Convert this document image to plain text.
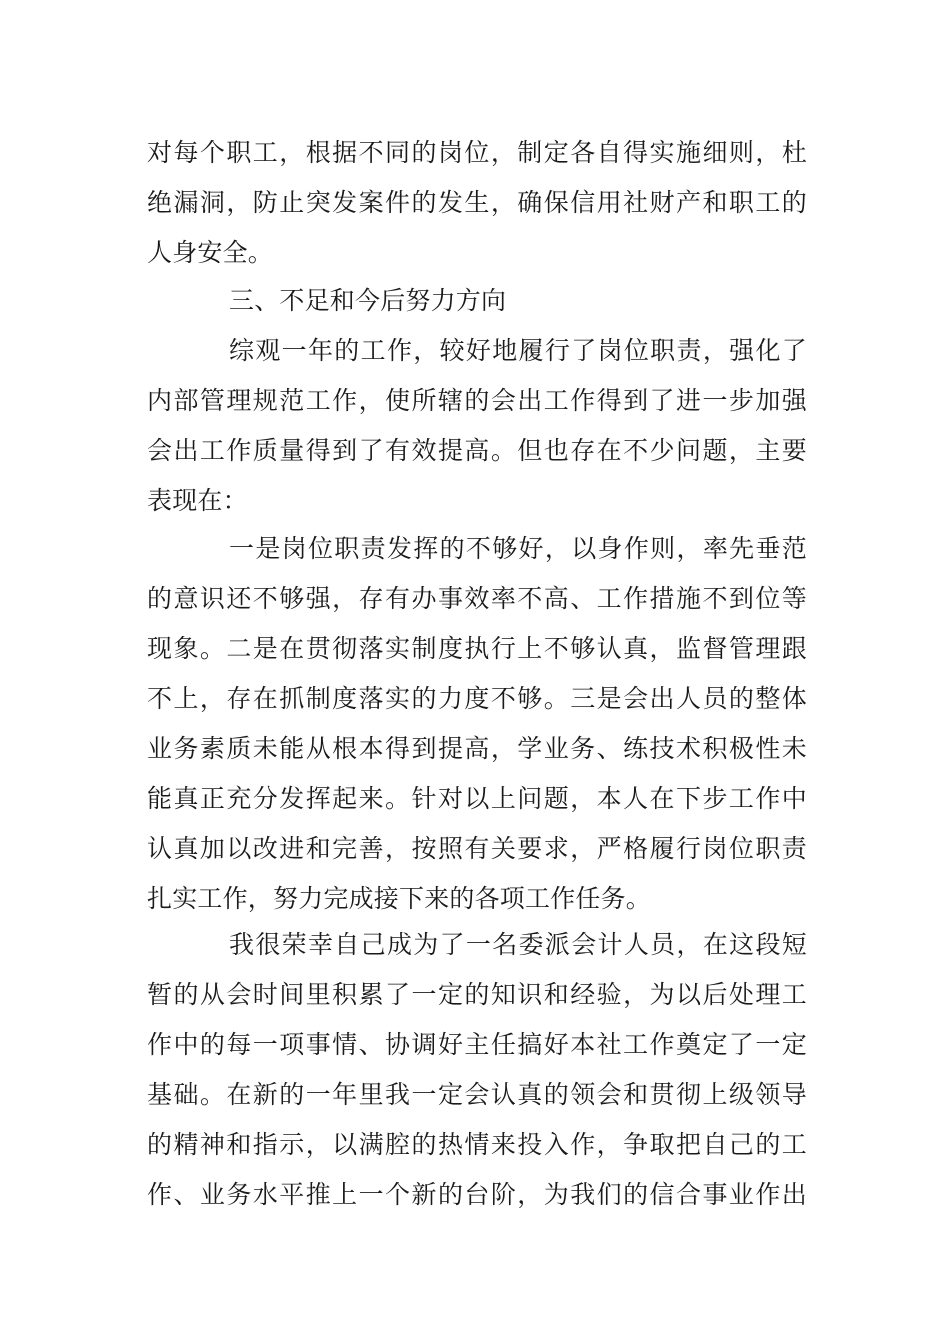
对每个职工，根据不同的岗位，制定各自得实施细则，杜
绝漏洞，防止突发案件的发生，确保信用社财产和职工的
人身安全。
三、不足和今后努力方向
综观一年的工作，较好地履行了岗位职责，强化了
内部管理规范工作，使所辖的会出工作得到了进一步加强
会出工作质量得到了有效提高。但也存在不少问题，主要
表现在：
一是岗位职责发挥的不够好，以身作则，率先垂范
的意识还不够强，存有办事效率不高、工作措施不到位等
现象。二是在贯彻落实制度执行上不够认真，监督管理跟
不上，存在抓制度落实的力度不够。三是会出人员的整体
业务素质未能从根本得到提高，学业务、练技术积极性未
能真正充分发挥起来。针对以上问题，本人在下步工作中
认真加以改进和完善，按照有关要求，严格履行岗位职责
扎实工作，努力完成接下来的各项工作任务。
我很荣幸自己成为了一名委派会计人员，在这段短
暂的从会时间里积累了一定的知识和经验，为以后处理工
作中的每一项事情、协调好主任搞好本社工作奠定了一定
基础。在新的一年里我一定会认真的领会和贯彻上级领导
的精神和指示，以满腔的热情来投入作，争取把自己的工
作、业务水平推上一个新的台阶，为我们的信合事业作出
